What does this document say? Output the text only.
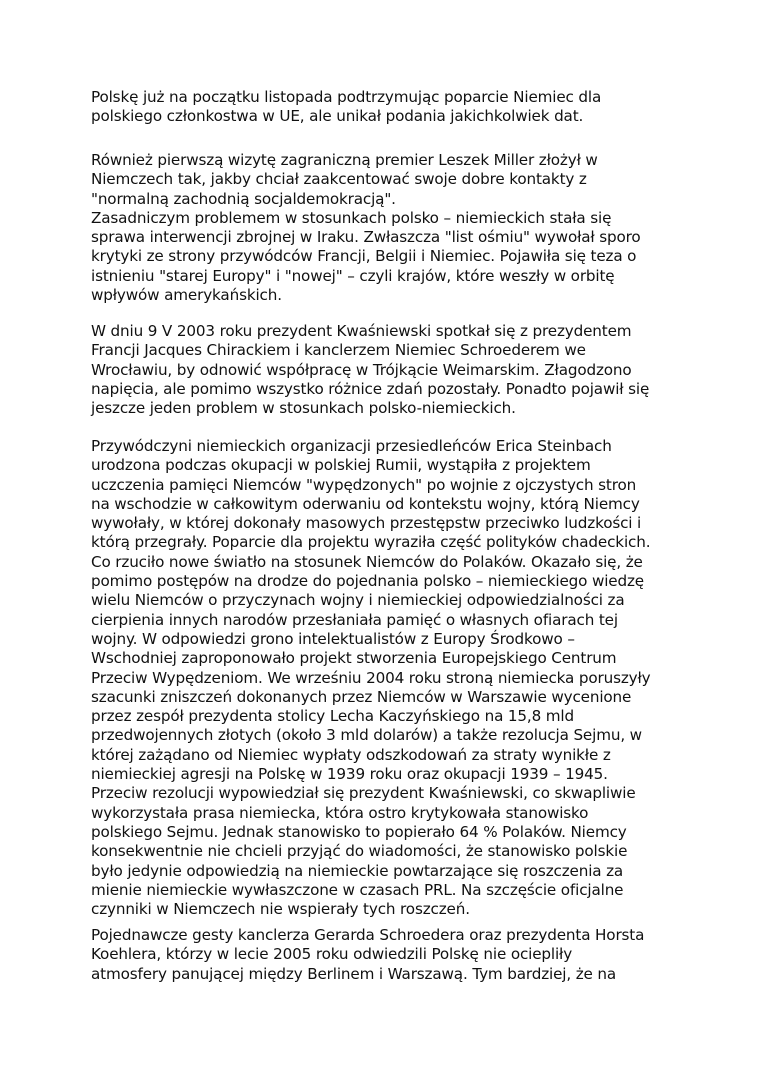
Polskę już na początku listopada podtrzymując poparcie Niemiec dla
polskiego członkostwa w UE, ale unikał podania jakichkolwiek dat.
Również pierwszą wizytę zagraniczną premier Leszek Miller złożył w
Niemczech tak, jakby chciał zaakcentować swoje dobre kontakty z
"normalną zachodnią socjaldemokracją".
Zasadniczym problemem w stosunkach polsko – niemieckich stała się
sprawa interwencji zbrojnej w Iraku. Zwłaszcza "list ośmiu" wywołał sporo
krytyki ze strony przywódców Francji, Belgii i Niemiec. Pojawiła się teza o
istnieniu "starej Europy" i "nowej" – czyli krajów, które weszły w orbitę
wpływów amerykańskich.
W dniu 9 V 2003 roku prezydent Kwaśniewski spotkał się z prezydentem
Francji Jacques Chirackiem i kanclerzem Niemiec Schroederem we
Wrocławiu, by odnowić współpracę w Trójkącie Weimarskim. Złagodzono
napięcia, ale pomimo wszystko różnice zdań pozostały. Ponadto pojawił się
jeszcze jeden problem w stosunkach polsko-niemieckich.
Przywódczyni niemieckich organizacji przesiedleńców Erica Steinbach
urodzona podczas okupacji w polskiej Rumii, wystąpiła z projektem
uczczenia pamięci Niemców "wypędzonych" po wojnie z ojczystych stron
na wschodzie w całkowitym oderwaniu od kontekstu wojny, którą Niemcy
wywołały, w której dokonały masowych przestępstw przeciwko ludzkości i
którą przegrały. Poparcie dla projektu wyraziła część polityków chadeckich.
Co rzuciło nowe światło na stosunek Niemców do Polaków. Okazało się, że
pomimo postępów na drodze do pojednania polsko – niemieckiego wiedzę
wielu Niemców o przyczynach wojny i niemieckiej odpowiedzialności za
cierpienia innych narodów przesłaniała pamięć o własnych ofiarach tej
wojny. W odpowiedzi grono intelektualistów z Europy Środkowo –
Wschodniej zaproponowało projekt stworzenia Europejskiego Centrum
Przeciw Wypędzeniom. We wrześniu 2004 roku stroną niemiecka poruszyły
szacunki zniszczeń dokonanych przez Niemców w Warszawie wycenione
przez zespół prezydenta stolicy Lecha Kaczyńskiego na 15,8 mld
przedwojennych złotych (około 3 mld dolarów) a także rezolucja Sejmu, w
której zażądano od Niemiec wypłaty odszkodowań za straty wynikłe z
niemieckiej agresji na Polskę w 1939 roku oraz okupacji 1939 – 1945.
Przeciw rezolucji wypowiedział się prezydent Kwaśniewski, co skwapliwie
wykorzystała prasa niemiecka, która ostro krytykowała stanowisko
polskiego Sejmu. Jednak stanowisko to popierało 64 % Polaków. Niemcy
konsekwentnie nie chcieli przyjąć do wiadomości, że stanowisko polskie
było jedynie odpowiedzią na niemieckie powtarzające się roszczenia za
mienie niemieckie wywłaszczone w czasach PRL. Na szczęście oficjalne
czynniki w Niemczech nie wspierały tych roszczeń.
Pojednawcze gesty kanclerza Gerarda Schroedera oraz prezydenta Horsta
Koehlera, którzy w lecie 2005 roku odwiedzili Polskę nie ociepliły
atmosfery panującej między Berlinem i Warszawą. Tym bardziej, że na
